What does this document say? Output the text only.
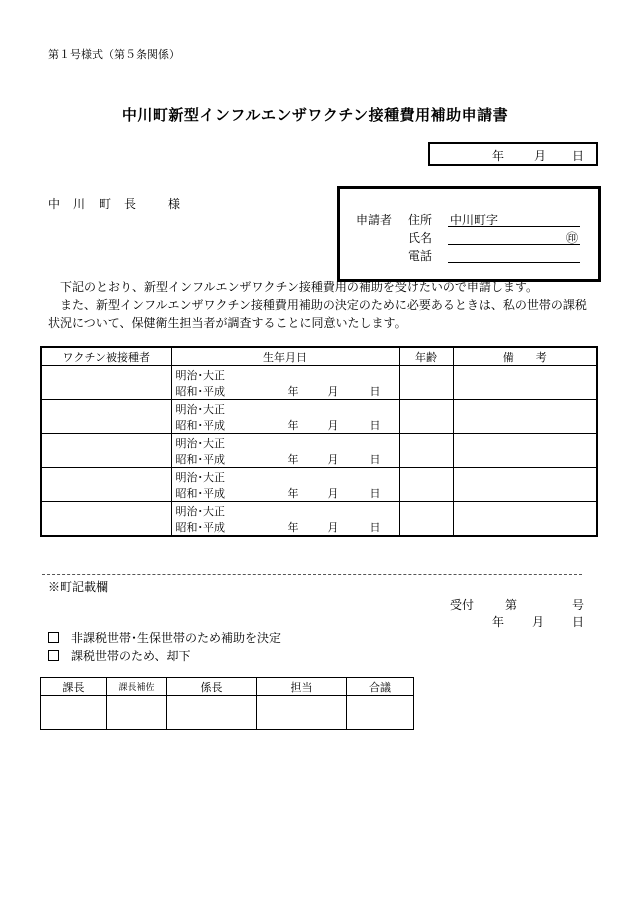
第１号様式（第５条関係）
中川町新型インフルエンザワクチン接種費用補助申請書
年 月 日
中 川 町 長	様
申請者 住所 中川町字
氏名	㊞
電話
下記のとおり、新型インフルエンザワクチン接種費用の補助を受けたいので申請します。
また、新型インフルエンザワクチン接種費用補助の決定のために必要あるときは、私の世帯の課税状況について、保健衛生担当者が調査することに同意いたします。
ワクチン被接種者	生年月日	年齢	備　　考

	明治･大正
昭和･平成 年 月 日		

	明治･大正
昭和･平成 年 月 日		

	明治･大正
昭和･平成 年 月 日		

	明治･大正
昭和･平成 年 月 日		

	明治･大正
昭和･平成 年 月 日		

※町記載欄
受付	第	号
年 月 日
非課税世帯･生保世帯のため補助を決定
課税世帯のため、却下
課長	課長補佐	係長	担当	合議
